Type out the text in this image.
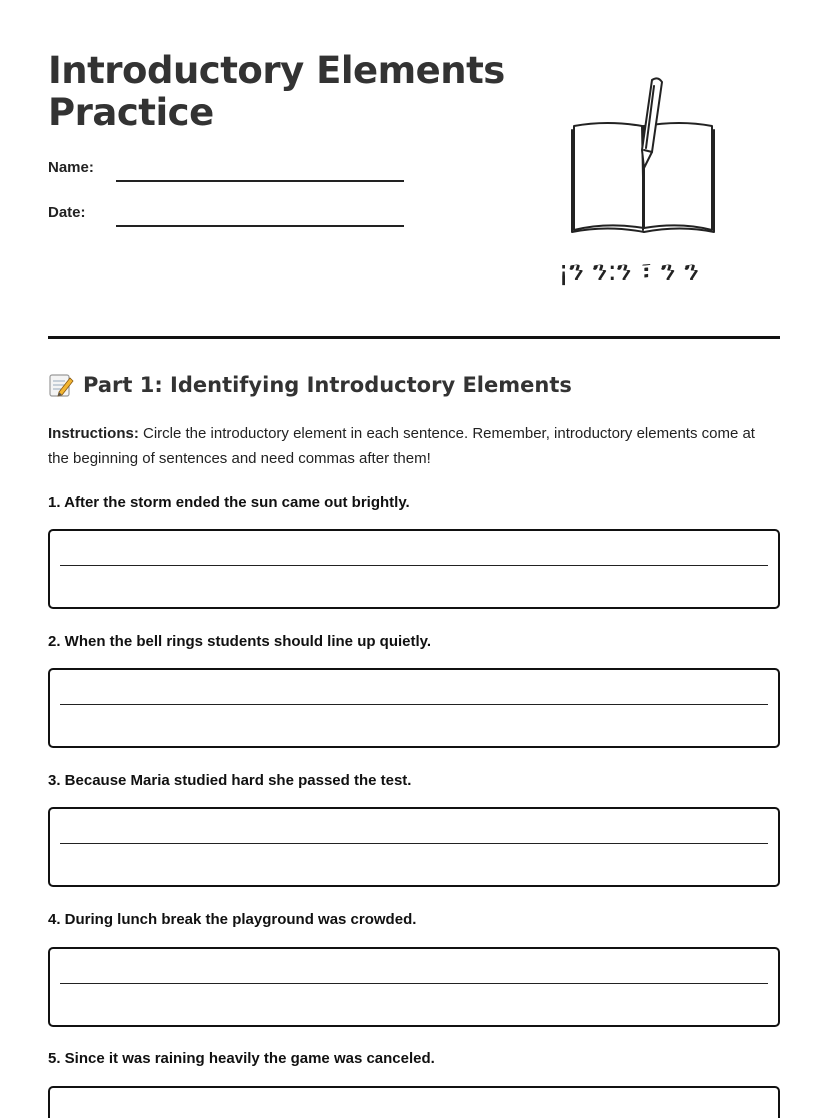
Introductory Elements Practice
Name:
Date:
¡ን ን:ን ፣ ን ን
Part 1: Identifying Introductory Elements

Instructions: Circle the introductory element in each sentence. Remember, introductory elements come at the beginning of sentences and need commas after them!

1. After the storm ended the sun came out brightly.

2. When the bell rings students should line up quietly.

3. Because Maria studied hard she passed the test.

4. During lunch break the playground was crowded.

5. Since it was raining heavily the game was canceled.
